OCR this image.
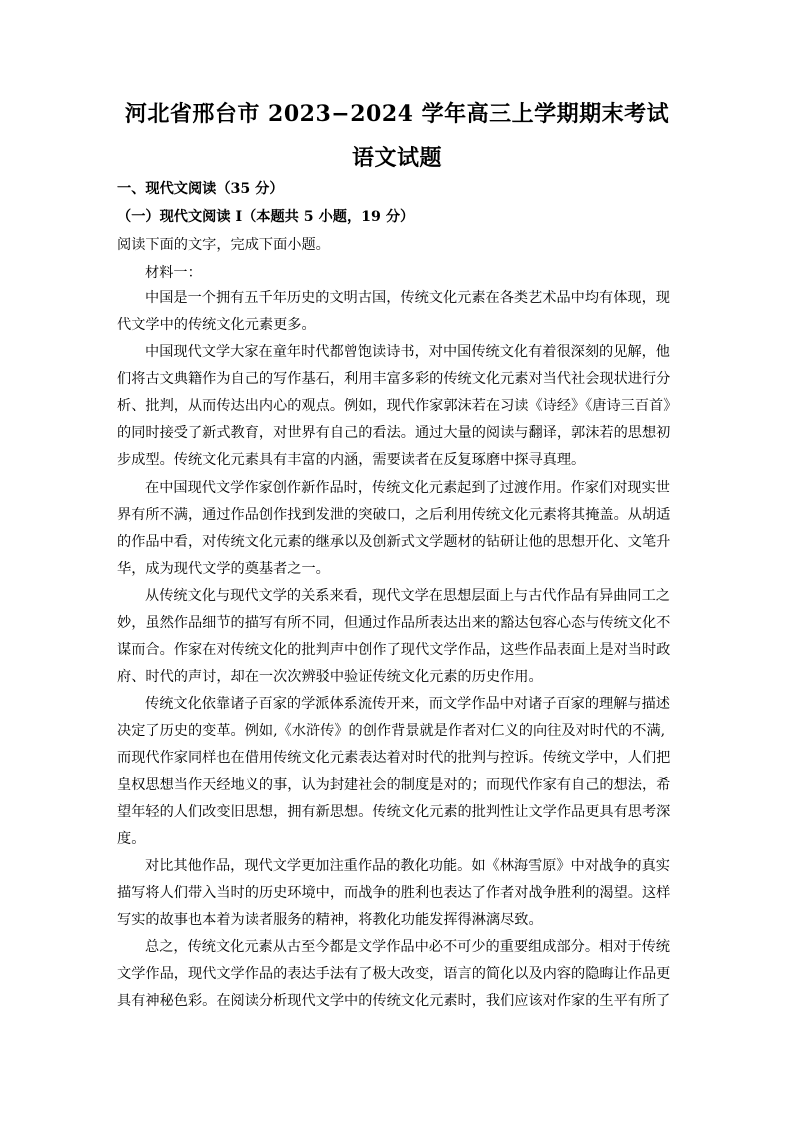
河北省邢台市 2023−2024 学年高三上学期期末考试
语文试题
一、现代文阅读（35 分）
（一）现代文阅读 I（本题共 5 小题，19 分）
阅读下面的文字，完成下面小题。
材料一：
中国是一个拥有五千年历史的文明古国，传统文化元素在各类艺术品中均有体现，现
代文学中的传统文化元素更多。
中国现代文学大家在童年时代都曾饱读诗书，对中国传统文化有着很深刻的见解，他
们将古文典籍作为自己的写作基石，利用丰富多彩的传统文化元素对当代社会现状进行分
析、批判，从而传达出内心的观点。例如，现代作家郭沫若在习读《诗经》《唐诗三百首》
的同时接受了新式教育，对世界有自己的看法。通过大量的阅读与翻译，郭沫若的思想初
步成型。传统文化元素具有丰富的内涵，需要读者在反复琢磨中探寻真理。
在中国现代文学作家创作新作品时，传统文化元素起到了过渡作用。作家们对现实世
界有所不满，通过作品创作找到发泄的突破口，之后利用传统文化元素将其掩盖。从胡适
的作品中看，对传统文化元素的继承以及创新式文学题材的钻研让他的思想开化、文笔升
华，成为现代文学的奠基者之一。
从传统文化与现代文学的关系来看，现代文学在思想层面上与古代作品有异曲同工之
妙，虽然作品细节的描写有所不同，但通过作品所表达出来的豁达包容心态与传统文化不
谋而合。作家在对传统文化的批判声中创作了现代文学作品，这些作品表面上是对当时政
府、时代的声讨，却在一次次辨驳中验证传统文化元素的历史作用。
传统文化依靠诸子百家的学派体系流传开来，而文学作品中对诸子百家的理解与描述
决定了历史的变革。例如,《水浒传》的创作背景就是作者对仁义的向往及对时代的不满,
而现代作家同样也在借用传统文化元素表达着对时代的批判与控诉。传统文学中，人们把
皇权思想当作天经地义的事，认为封建社会的制度是对的；而现代作家有自己的想法，希
望年轻的人们改变旧思想，拥有新思想。传统文化元素的批判性让文学作品更具有思考深
度。
对比其他作品，现代文学更加注重作品的教化功能。如《林海雪原》中对战争的真实
描写将人们带入当时的历史环境中，而战争的胜利也表达了作者对战争胜利的渴望。这样
写实的故事也本着为读者服务的精神，将教化功能发挥得淋漓尽致。
总之，传统文化元素从古至今都是文学作品中必不可少的重要组成部分。相对于传统
文学作品，现代文学作品的表达手法有了极大改变，语言的简化以及内容的隐晦让作品更
具有神秘色彩。在阅读分析现代文学中的传统文化元素时，我们应该对作家的生平有所了
